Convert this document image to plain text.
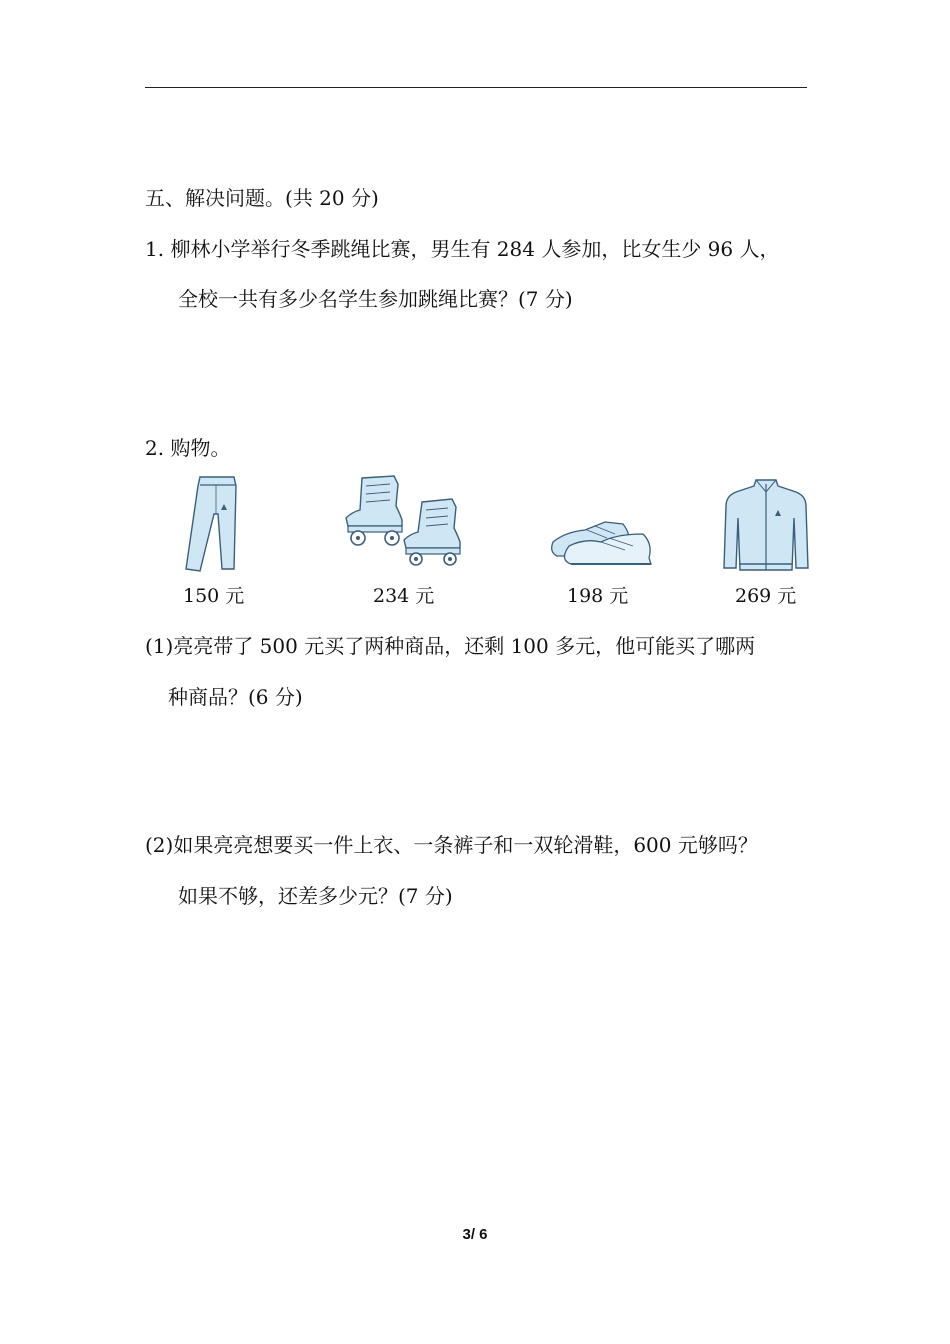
五、解决问题。(共 20 分)
1. 柳林小学举行冬季跳绳比赛，男生有 284 人参加，比女生少 96 人，
全校一共有多少名学生参加跳绳比赛？(7 分)
2. 购物。
150 元	234 元	198 元	269 元
(1)亮亮带了 500 元买了两种商品，还剩 100 多元，他可能买了哪两
种商品？(6 分)
(2)如果亮亮想要买一件上衣、一条裤子和一双轮滑鞋，600 元够吗？
如果不够，还差多少元？(7 分)
3/ 6
